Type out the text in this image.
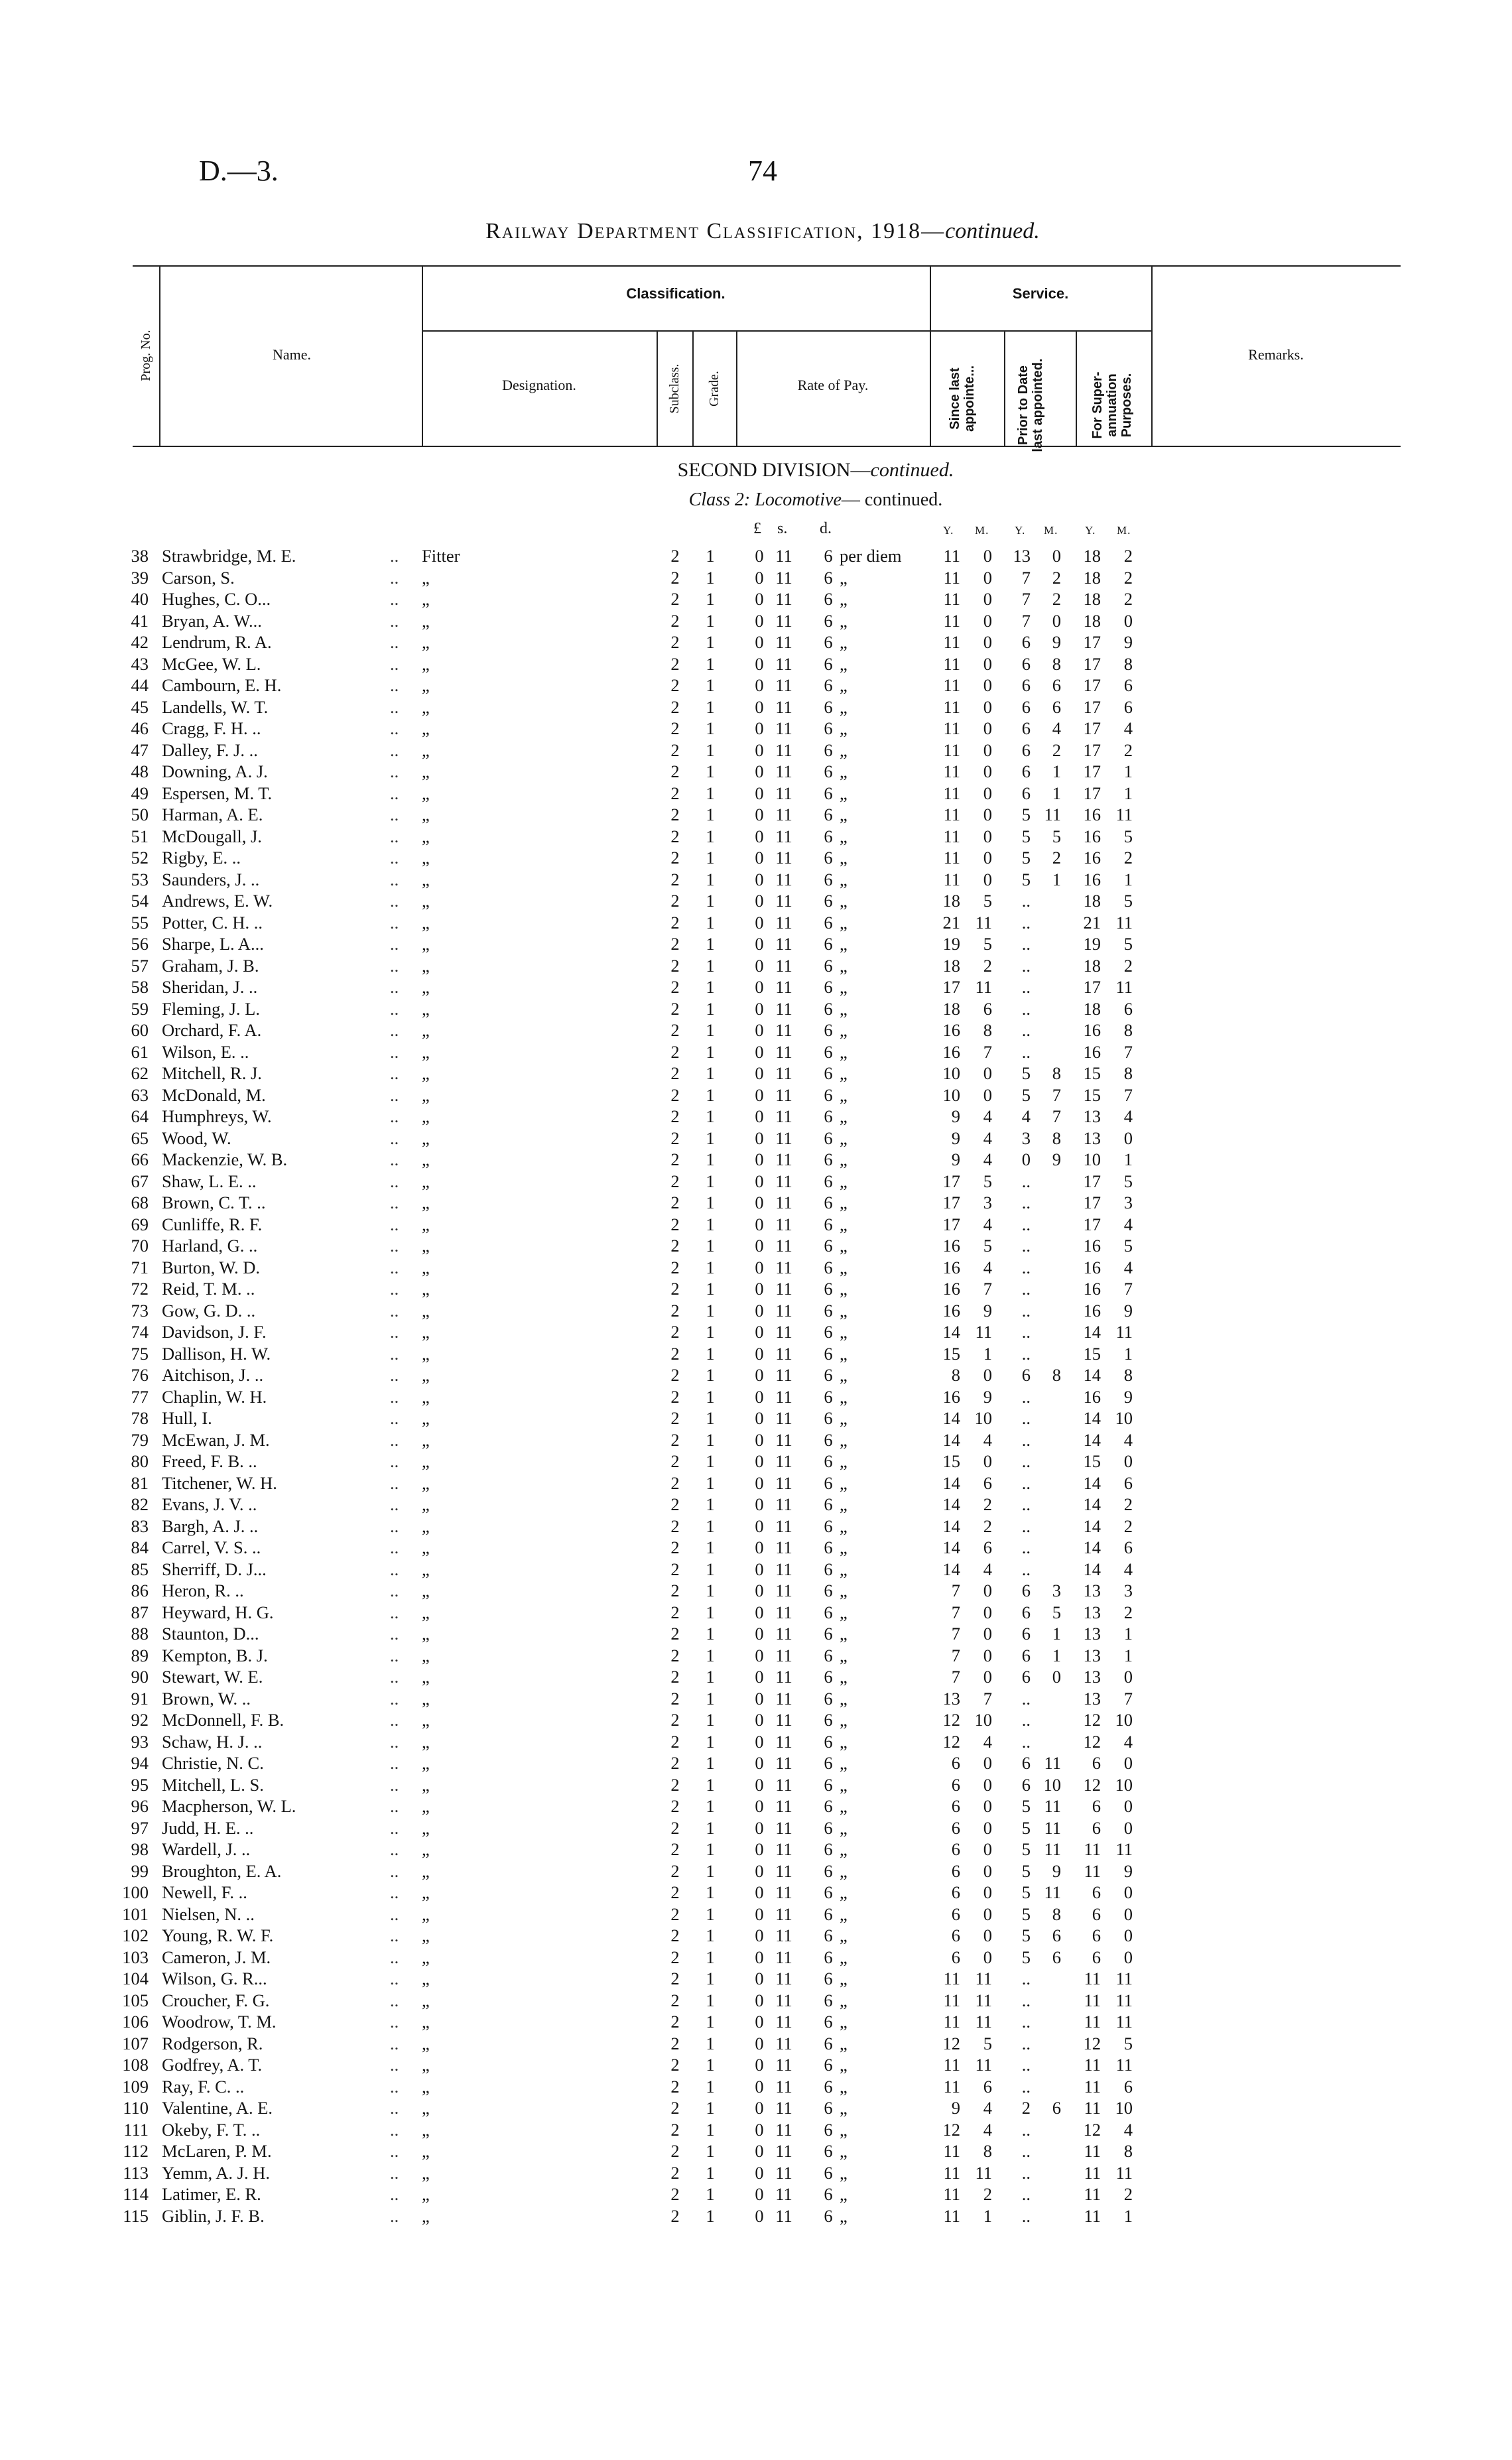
D.—3.	74
Railway Department Classification, 1918—continued.
Prog. No.	Name.
Classification.	Service.
Designation.	Subclass. Grade.	Rate of Pay.	Since last appointe...	Prior to Date last appointed.	For Super- annuation Purposes.
Remarks.
SECOND DIVISION—continued.
Class 2: Locomotive— continued.
£ s. d.	Y. M. Y. M. Y. M.
38 Strawbridge, M. E.	..	Fitter	2	1	0 11	6 per diem	11	0	13	0	18	2
39 Carson, S.	..	„	2	1	0 11	6 „	11	0	7	2	18	2
40 Hughes, C. O...	..	„	2	1	0 11	6 „	11	0	7	2	18	2
41 Bryan, A. W...	..	„	2	1	0 11	6 „	11	0	7	0	18	0
42 Lendrum, R. A.	..	„	2	1	0 11	6 „	11	0	6	9	17	9
43 McGee, W. L.	..	„	2	1	0 11	6 „	11	0	6	8	17	8
44 Cambourn, E. H.	..	„	2	1	0 11	6 „	11	0	6	6	17	6
45 Landells, W. T.	..	„	2	1	0 11	6 „	11	0	6	6	17	6
46 Cragg, F. H. ..	..	„	2	1	0 11	6 „	11	0	6	4	17	4
47 Dalley, F. J. ..	..	„	2	1	0 11	6 „	11	0	6	2	17	2
48 Downing, A. J.	..	„	2	1	0 11	6 „	11	0	6	1	17	1
49 Espersen, M. T.	..	„	2	1	0 11	6 „	11	0	6	1	17	1
50 Harman, A. E.	..	„	2	1	0 11	6 „	11	0	5 11	16 11
51 McDougall, J.	..	„	2	1	0 11	6 „	11	0	5	5	16	5
52 Rigby, E. ..	..	„	2	1	0 11	6 „	11	0	5	2	16	2
53 Saunders, J. ..	..	„	2	1	0 11	6 „	11	0	5	1	16	1
54 Andrews, E. W.	..	„	2	1	0 11	6 „	18	5	..	18	5
55 Potter, C. H. ..	..	„	2	1	0 11	6 „	21 11	..	21 11
56 Sharpe, L. A...	..	„	2	1	0 11	6 „	19	5	..	19	5
57 Graham, J. B.	..	„	2	1	0 11	6 „	18	2	..	18	2
58 Sheridan, J. ..	..	„	2	1	0 11	6 „	17 11	..	17 11
59 Fleming, J. L.	..	„	2	1	0 11	6 „	18	6	..	18	6
60 Orchard, F. A.	..	„	2	1	0 11	6 „	16	8	..	16	8
61 Wilson, E. ..	..	„	2	1	0 11	6 „	16	7	..	16	7
62 Mitchell, R. J.	..	„	2	1	0 11	6 „	10	0	5	8	15	8
63 McDonald, M.	..	„	2	1	0 11	6 „	10	0	5	7	15	7
64 Humphreys, W.	..	„	2	1	0 11	6 „	9	4	4	7	13	4
65 Wood, W.	..	„	2	1	0 11	6 „	9	4	3	8	13	0
66 Mackenzie, W. B.	..	„	2	1	0 11	6 „	9	4	0	9	10	1
67 Shaw, L. E. ..	..	„	2	1	0 11	6 „	17	5	..	17	5
68 Brown, C. T. ..	..	„	2	1	0 11	6 „	17	3	..	17	3
69 Cunliffe, R. F.	..	„	2	1	0 11	6 „	17	4	..	17	4
70 Harland, G. ..	..	„	2	1	0 11	6 „	16	5	..	16	5
71 Burton, W. D.	..	„	2	1	0 11	6 „	16	4	..	16	4
72 Reid, T. M. ..	..	„	2	1	0 11	6 „	16	7	..	16	7
73 Gow, G. D. ..	..	„	2	1	0 11	6 „	16	9	..	16	9
74 Davidson, J. F.	..	„	2	1	0 11	6 „	14 11	..	14 11
75 Dallison, H. W.	..	„	2	1	0 11	6 „	15	1	..	15	1
76 Aitchison, J. ..	..	„	2	1	0 11	6 „	8	0	6	8	14	8
77 Chaplin, W. H.	..	„	2	1	0 11	6 „	16	9	..	16	9
78 Hull, I.	..	„	2	1	0 11	6 „	14 10	..	14 10
79 McEwan, J. M.	..	„	2	1	0 11	6 „	14	4	..	14	4
80 Freed, F. B. ..	..	„	2	1	0 11	6 „	15	0	..	15	0
81 Titchener, W. H.	..	„	2	1	0 11	6 „	14	6	..	14	6
82 Evans, J. V. ..	..	„	2	1	0 11	6 „	14	2	..	14	2
83 Bargh, A. J. ..	..	„	2	1	0 11	6 „	14	2	..	14	2
84 Carrel, V. S. ..	..	„	2	1	0 11	6 „	14	6	..	14	6
85 Sherriff, D. J...	..	„	2	1	0 11	6 „	14	4	..	14	4
86 Heron, R. ..	..	„	2	1	0 11	6 „	7	0	6	3	13	3
87 Heyward, H. G.	..	„	2	1	0 11	6 „	7	0	6	5	13	2
88 Staunton, D...	..	„	2	1	0 11	6 „	7	0	6	1	13	1
89 Kempton, B. J.	..	„	2	1	0 11	6 „	7	0	6	1	13	1
90 Stewart, W. E.	..	„	2	1	0 11	6 „	7	0	6	0	13	0
91 Brown, W. ..	..	„	2	1	0 11	6 „	13	7	..	13	7
92 McDonnell, F. B.	..	„	2	1	0 11	6 „	12 10	..	12 10
93 Schaw, H. J. ..	..	„	2	1	0 11	6 „	12	4	..	12	4
94 Christie, N. C.	..	„	2	1	0 11	6 „	6	0	6 11	6	0
95 Mitchell, L. S.	..	„	2	1	0 11	6 „	6	0	6 10	12 10
96 Macpherson, W. L.	..	„	2	1	0 11	6 „	6	0	5 11	6	0
97 Judd, H. E. ..	..	„	2	1	0 11	6 „	6	0	5 11	6	0
98 Wardell, J. ..	..	„	2	1	0 11	6 „	6	0	5 11	11 11
99 Broughton, E. A.	..	„	2	1	0 11	6 „	6	0	5	9	11	9
100 Newell, F. ..	..	„	2	1	0 11	6 „	6	0	5 11	6	0
101 Nielsen, N. ..	..	„	2	1	0 11	6 „	6	0	5	8	6	0
102 Young, R. W. F.	..	„	2	1	0 11	6 „	6	0	5	6	6	0
103 Cameron, J. M.	..	„	2	1	0 11	6 „	6	0	5	6	6	0
104 Wilson, G. R...	..	„	2	1	0 11	6 „	11 11	..	11 11
105 Croucher, F. G.	..	„	2	1	0 11	6 „	11 11	..	11 11
106 Woodrow, T. M.	..	„	2	1	0 11	6 „	11 11	..	11 11
107 Rodgerson, R.	..	„	2	1	0 11	6 „	12	5	..	12	5
108 Godfrey, A. T.	..	„	2	1	0 11	6 „	11 11	..	11 11
109 Ray, F. C. ..	..	„	2	1	0 11	6 „	11	6	..	11	6
110 Valentine, A. E.	..	„	2	1	0 11	6 „	9	4	2	6	11 10
111 Okeby, F. T. ..	..	„	2	1	0 11	6 „	12	4	..	12	4
112 McLaren, P. M.	..	„	2	1	0 11	6 „	11	8	..	11	8
113 Yemm, A. J. H.	..	„	2	1	0 11	6 „	11 11	..	11 11
114 Latimer, E. R.	..	„	2	1	0 11	6 „	11	2	..	11	2
115 Giblin, J. F. B.	..	„	2	1	0 11	6 „	11	1	..	11	1
